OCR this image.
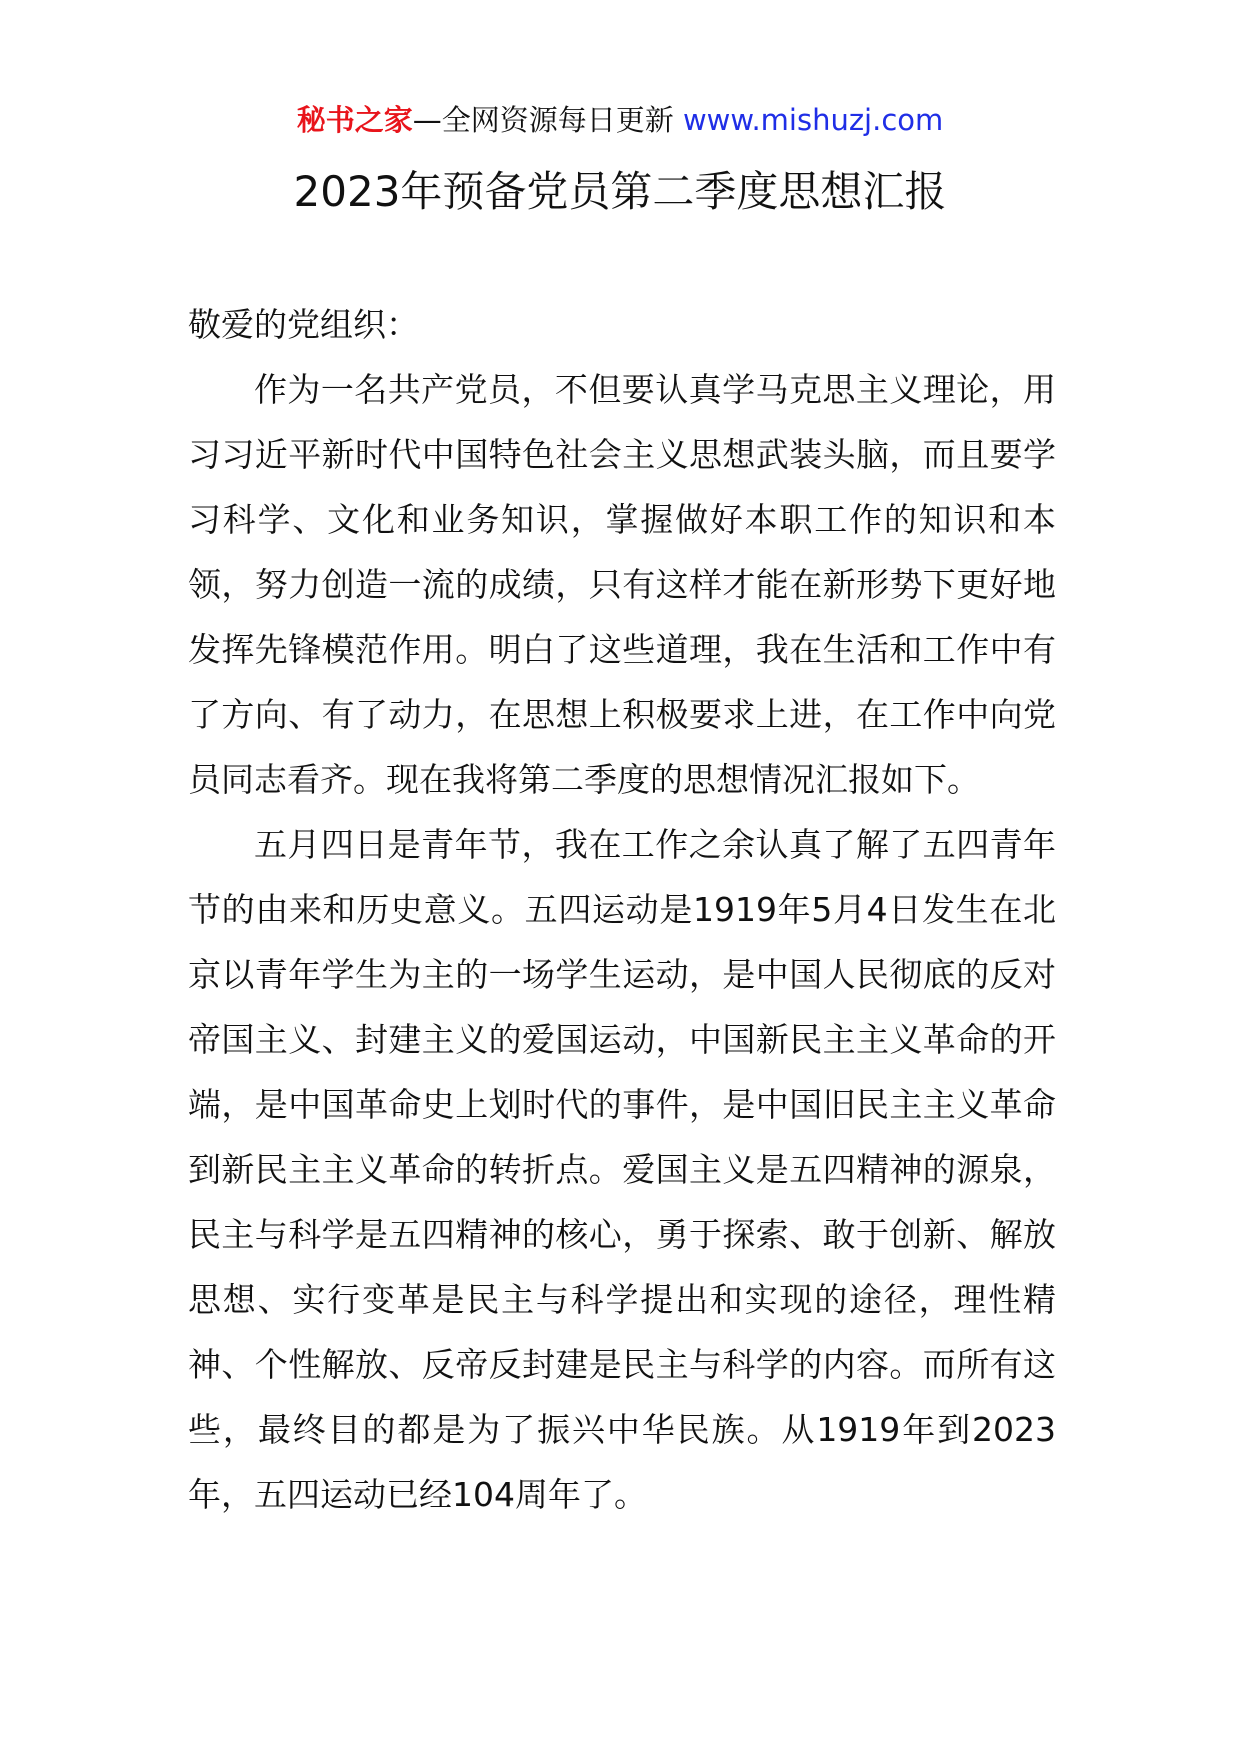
秘书之家—全网资源每日更新 www.mishuzj.com
2023年预备党员第二季度思想汇报

敬爱的党组织：

作为一名共产党员，不但要认真学马克思主义理论，用习习近平新时代中国特色社会主义思想武装头脑，而且要学习科学、文化和业务知识，掌握做好本职工作的知识和本领，努力创造一流的成绩，只有这样才能在新形势下更好地发挥先锋模范作用。明白了这些道理，我在生活和工作中有了方向、有了动力，在思想上积极要求上进，在工作中向党员同志看齐。现在我将第二季度的思想情况汇报如下。

五月四日是青年节，我在工作之余认真了解了五四青年节的由来和历史意义。五四运动是1919年5月4日发生在北京以青年学生为主的一场学生运动，是中国人民彻底的反对帝国主义、封建主义的爱国运动，中国新民主主义革命的开端，是中国革命史上划时代的事件，是中国旧民主主义革命到新民主主义革命的转折点。爱国主义是五四精神的源泉，民主与科学是五四精神的核心，勇于探索、敢于创新、解放思想、实行变革是民主与科学提出和实现的途径，理性精神、个性解放、反帝反封建是民主与科学的内容。而所有这些，最终目的都是为了振兴中华民族。从1919年到2023年，五四运动已经104周年了。
